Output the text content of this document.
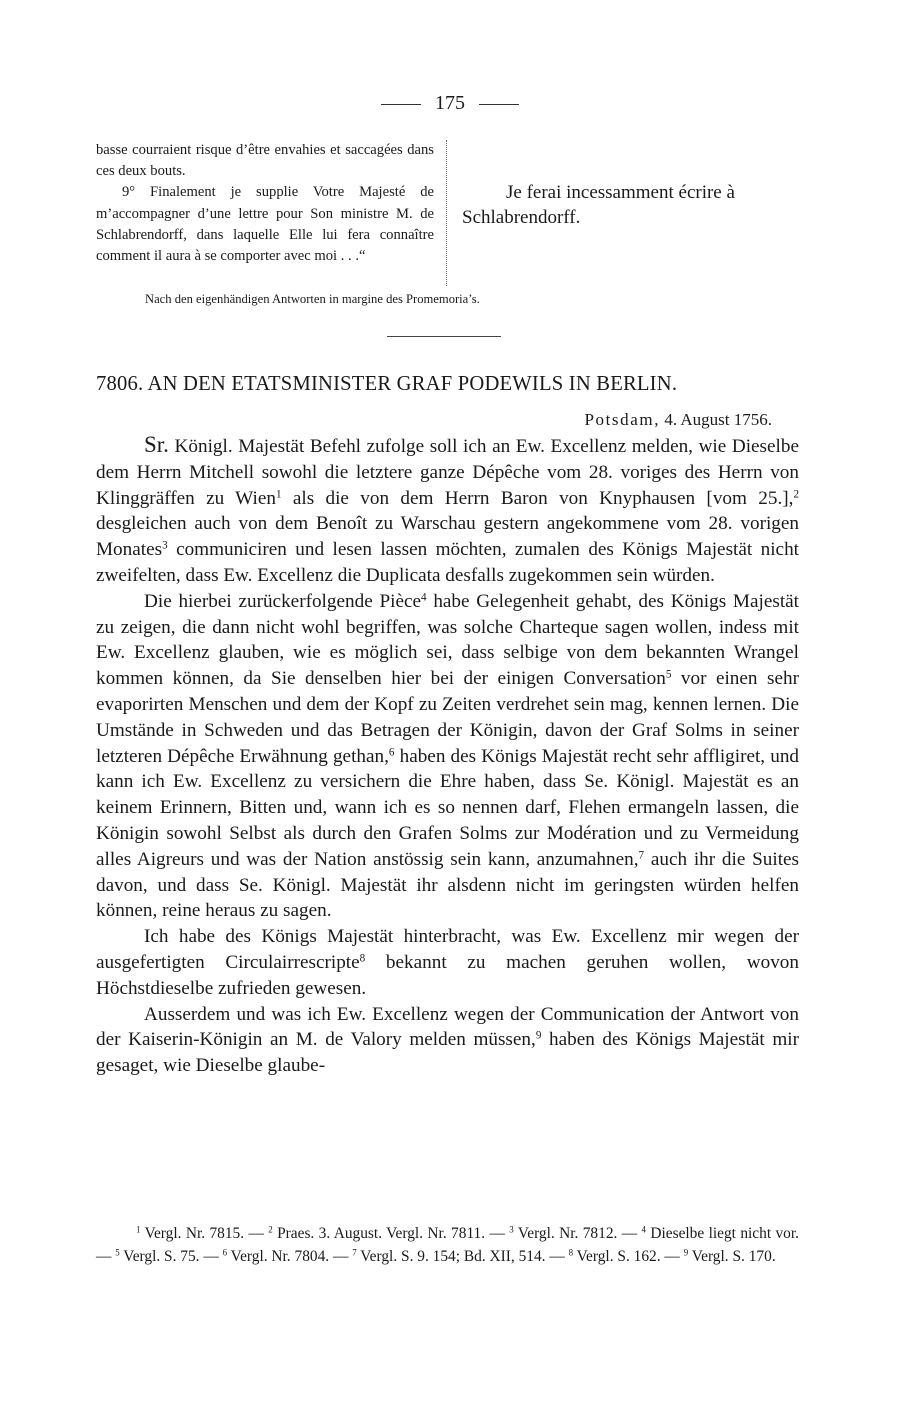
175

basse courraient risque d’être envahies et saccagées dans ces deux bouts.

9° Finalement je supplie Votre Majesté de m’accompagner d’une lettre pour Son ministre M. de Schlabrendorff, dans laquelle Elle lui fera connaître comment il aura à se comporter avec moi . . .“

Je ferai incessamment écrire à Schlabrendorff.

Nach den eigenhändigen Antworten in margine des Promemoria’s.
7806. AN DEN ETATSMINISTER GRAF PODEWILS IN BERLIN.
Potsdam, 4. August 1756.

Sr. Königl. Majestät Befehl zufolge soll ich an Ew. Excellenz melden, wie Dieselbe dem Herrn Mitchell sowohl die letztere ganze Dépêche vom 28. voriges des Herrn von Klinggräffen zu Wien$^1$ als die von dem Herrn Baron von Knyphausen [vom 25.],$^2$ desgleichen auch von dem Benoît zu Warschau gestern angekommene vom 28. vorigen Monates$^3$ communiciren und lesen lassen möchten, zumalen des Königs Majestät nicht zweifelten, dass Ew. Excellenz die Duplicata desfalls zugekommen sein würden.

Die hierbei zurückerfolgende Pièce$^4$ habe Gelegenheit gehabt, des Königs Majestät zu zeigen, die dann nicht wohl begriffen, was solche Charteque sagen wollen, indess mit Ew. Excellenz glauben, wie es möglich sei, dass selbige von dem bekannten Wrangel kommen können, da Sie denselben hier bei der einigen Conversation$^5$ vor einen sehr evaporirten Menschen und dem der Kopf zu Zeiten verdrehet sein mag, kennen lernen. Die Umstände in Schweden und das Betragen der Königin, davon der Graf Solms in seiner letzteren Dépêche Erwähnung gethan,$^6$ haben des Königs Majestät recht sehr affligiret, und kann ich Ew. Excellenz zu versichern die Ehre haben, dass Se. Königl. Majestät es an keinem Erinnern, Bitten und, wann ich es so nennen darf, Flehen ermangeln lassen, die Königin sowohl Selbst als durch den Grafen Solms zur Modération und zu Vermeidung alles Aigreurs und was der Nation anstössig sein kann, anzumahnen,$^7$ auch ihr die Suites davon, und dass Se. Königl. Majestät ihr alsdenn nicht im geringsten würden helfen können, reine heraus zu sagen.

Ich habe des Königs Majestät hinterbracht, was Ew. Excellenz mir wegen der ausgefertigten Circulairrescripte$^8$ bekannt zu machen geruhen wollen, wovon Höchstdieselbe zufrieden gewesen.

Ausserdem und was ich Ew. Excellenz wegen der Communication der Antwort von der Kaiserin-Königin an M. de Valory melden müssen,$^9$ haben des Königs Majestät mir gesaget, wie Dieselbe glaube-

$^1$ Vergl. Nr. 7815. — $^2$ Praes. 3. August. Vergl. Nr. 7811. — $^3$ Vergl. Nr. 7812. — $^4$ Dieselbe liegt nicht vor. — $^5$ Vergl. S. 75. — $^6$ Vergl. Nr. 7804. — $^7$ Vergl. S. 9. 154; Bd. XII, 514. — $^8$ Vergl. S. 162. — $^9$ Vergl. S. 170.
